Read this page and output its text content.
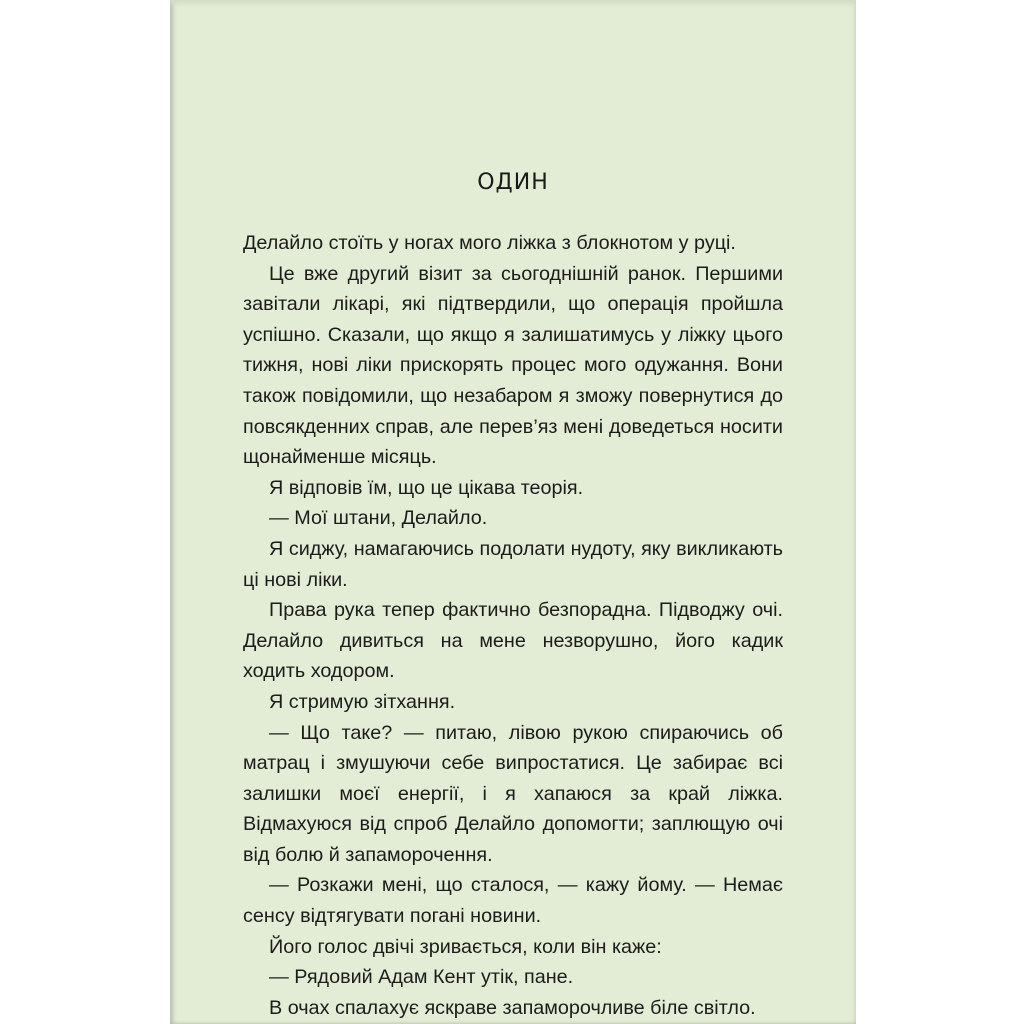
ОДИН

Делайло стоїть у ногах мого ліжка з блокнотом у руці.

Це вже другий візит за сьогоднішній ранок. Першими завітали лікарі, які підтвердили, що операція пройшла успішно. Сказали, що якщо я залишатимусь у ліжку цього тижня, нові ліки прискорять процес мого одужання. Вони також повідомили, що незабаром я зможу повернутися до повсякденних справ, але перев’яз мені доведеться носити щонайменше місяць.

Я відповів їм, що це цікава теорія.

— Мої штани, Делайло.

Я сиджу, намагаючись подолати нудоту, яку викликають ці нові ліки.

Права рука тепер фактично безпорадна. Підводжу очі. Делайло дивиться на мене незворушно, його кадик ходить ходором.

Я стримую зітхання.

— Що таке? — питаю, лівою рукою спираючись об матрац і змушуючи себе випростатися. Це забирає всі залишки моєї енергії, і я хапаюся за край ліжка. Відмахуюся від спроб Делайло допомогти; заплющую очі від болю й запаморочення.

— Розкажи мені, що сталося, — кажу йому. — Немає сенсу відтягувати погані новини.

Його голос двічі зривається, коли він каже:

— Рядовий Адам Кент утік, пане.

В очах спалахує яскраве запаморочливе біле світло.
